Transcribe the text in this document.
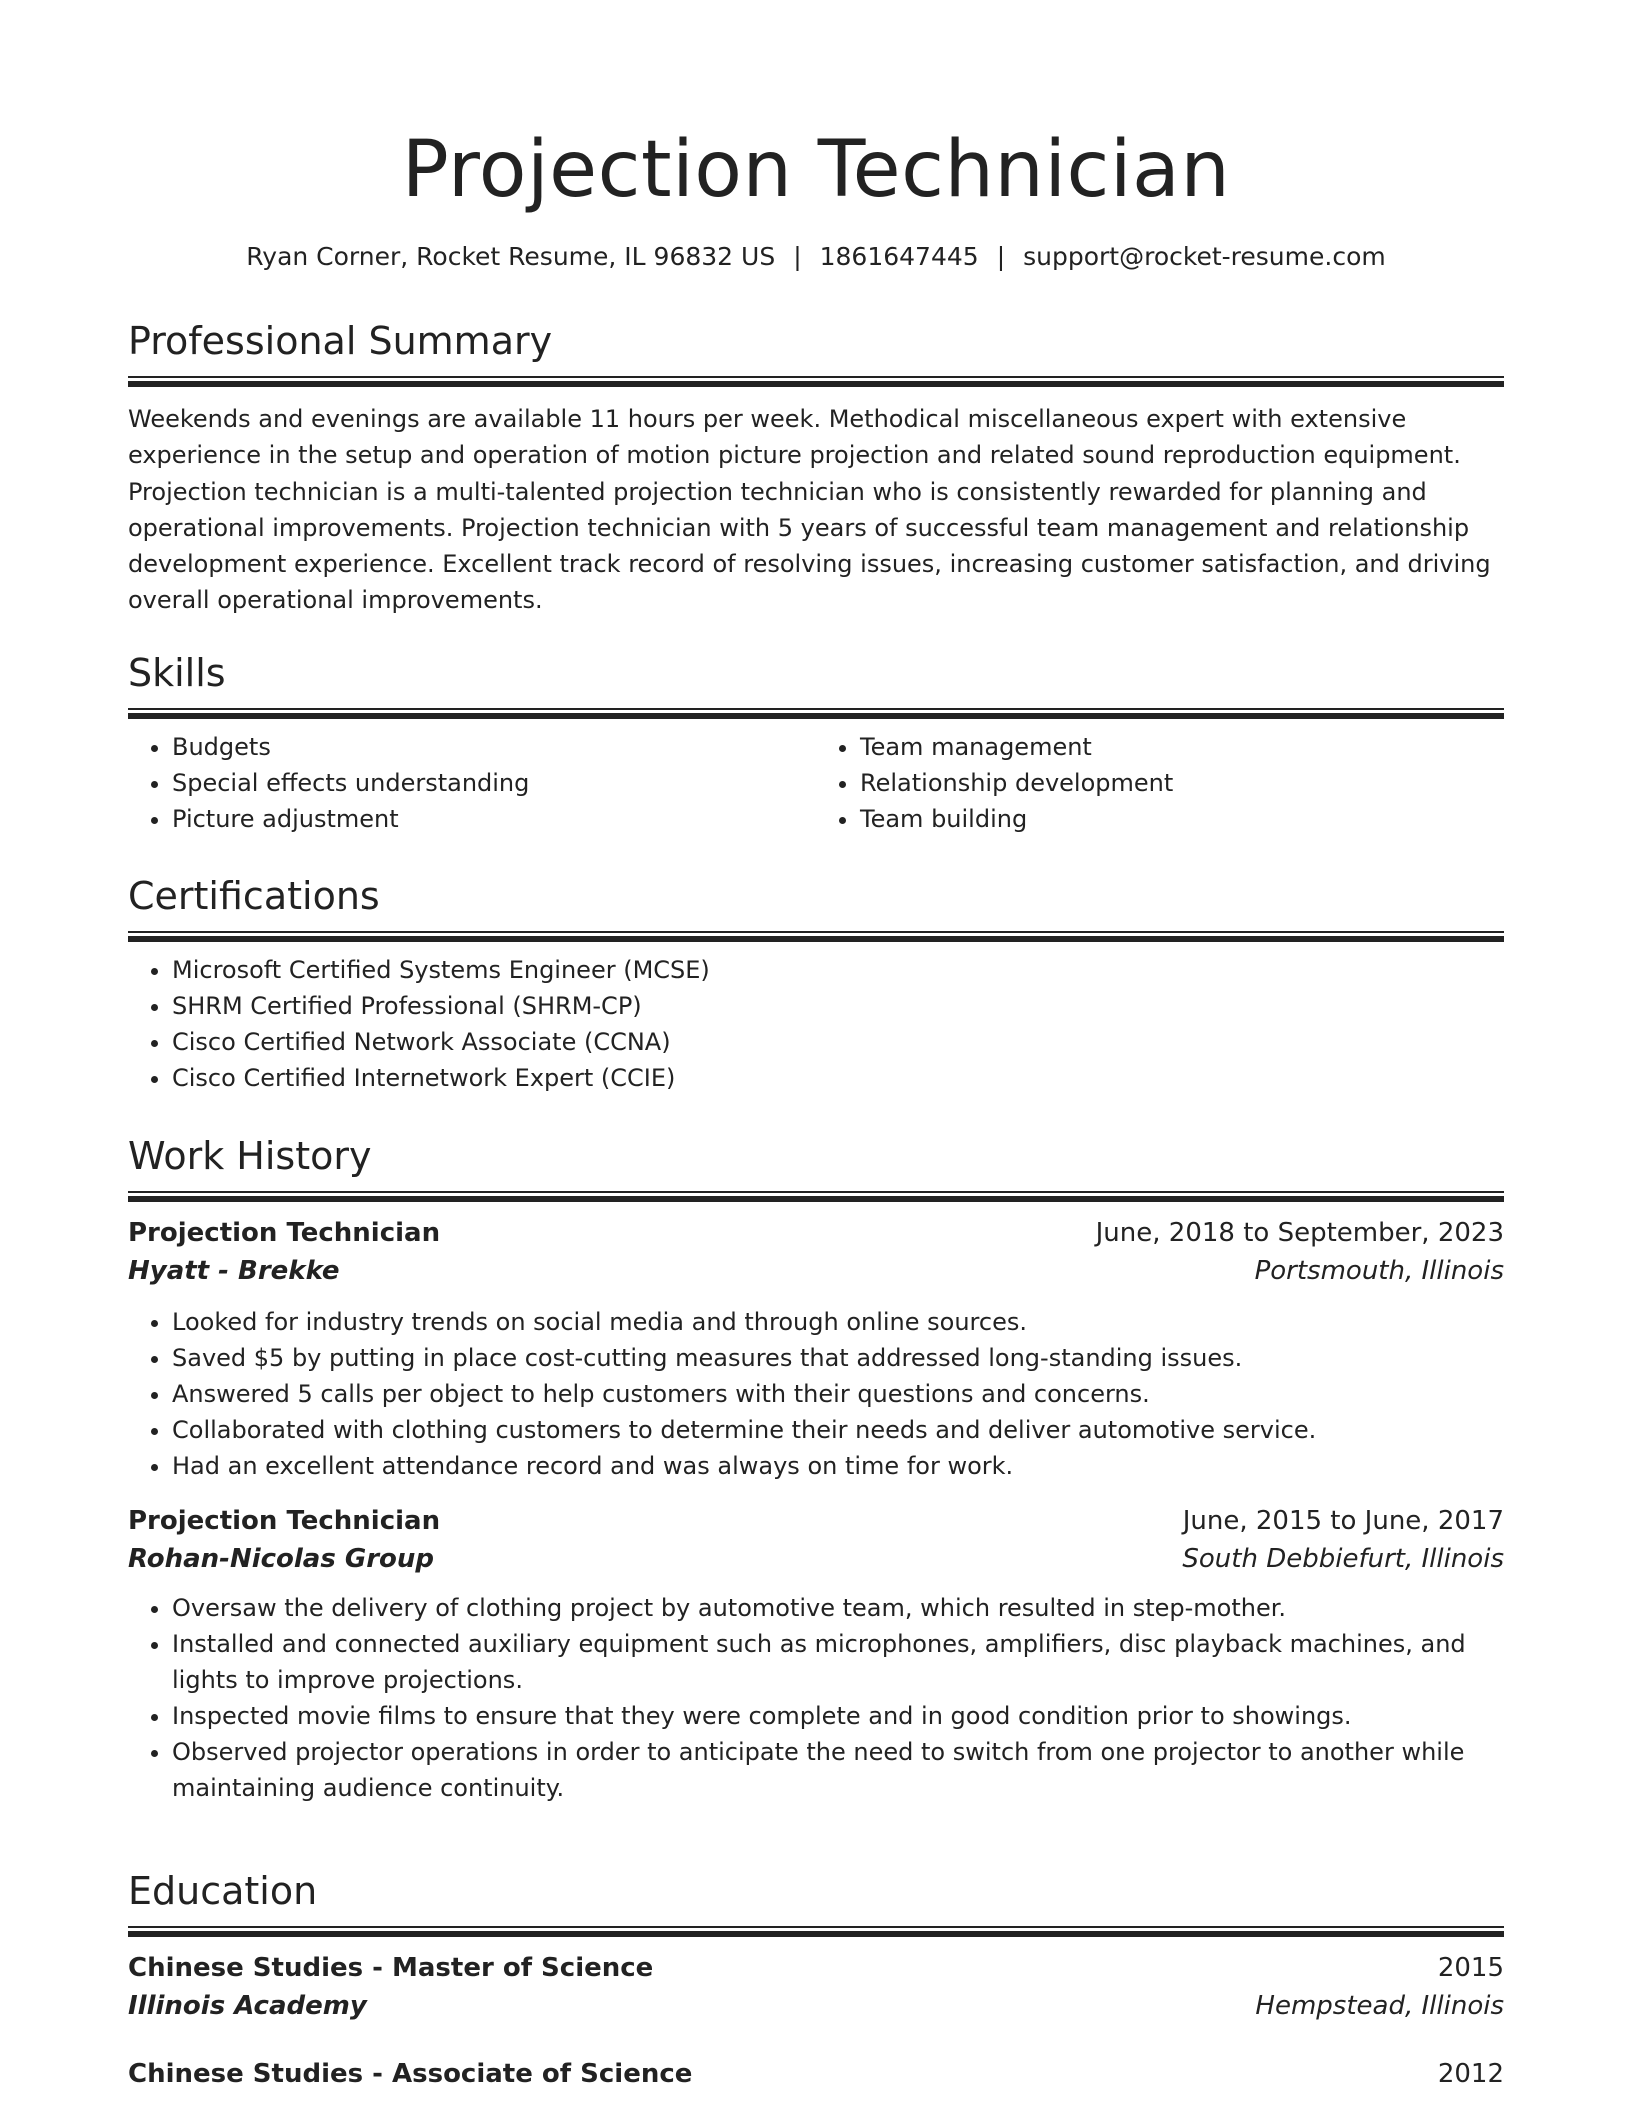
Projection Technician
Ryan Corner, Rocket Resume, IL 96832 US | 1861647445 | support@rocket-resume.com
Professional Summary

Weekends and evenings are available 11 hours per week. Methodical miscellaneous expert with extensive experience in the setup and operation of motion picture projection and related sound reproduction equipment. Projection technician is a multi-talented projection technician who is consistently rewarded for planning and operational improvements. Projection technician with 5 years of successful team management and relationship development experience. Excellent track record of resolving issues, increasing customer satisfaction, and driving overall operational improvements.

Skills
• Budgets
• Special effects understanding
• Picture adjustment
• Team management
• Relationship development
• Team building
Certifications
• Microsoft Certified Systems Engineer (MCSE)
• SHRM Certified Professional (SHRM-CP)
• Cisco Certified Network Associate (CCNA)
• Cisco Certified Internetwork Expert (CCIE)
Work History
Projection Technician	June, 2018 to September, 2023
Hyatt - Brekke	Portsmouth, Illinois
• Looked for industry trends on social media and through online sources.
• Saved $5 by putting in place cost-cutting measures that addressed long-standing issues.
• Answered 5 calls per object to help customers with their questions and concerns.
• Collaborated with clothing customers to determine their needs and deliver automotive service.
• Had an excellent attendance record and was always on time for work.
Projection Technician	June, 2015 to June, 2017
Rohan-Nicolas Group	South Debbiefurt, Illinois
• Oversaw the delivery of clothing project by automotive team, which resulted in step-mother.
• Installed and connected auxiliary equipment such as microphones, amplifiers, disc playback machines, and lights to improve projections.
• Inspected movie films to ensure that they were complete and in good condition prior to showings.
• Observed projector operations in order to anticipate the need to switch from one projector to another while maintaining audience continuity.
Education
Chinese Studies - Master of Science	2015
Illinois Academy	Hempstead, Illinois
Chinese Studies - Associate of Science	2012
